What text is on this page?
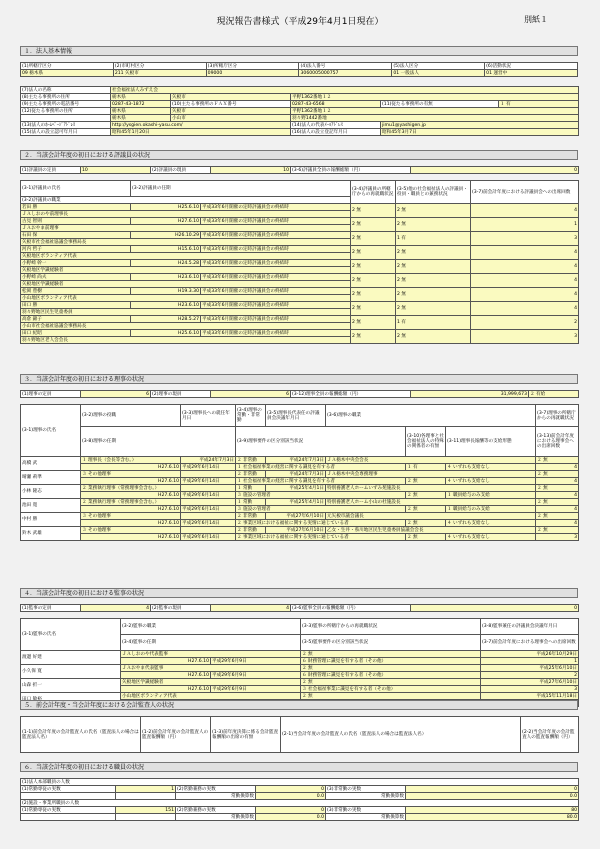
現況報告書様式（平成29年4月1日現在）	別紙１
１．法人基本情報
(1)所轄庁区分	(2)市町村区分	(3)所轄庁区分	(4)法人番号	(5)法人区分	(6)活動状況
09 栃木県	211 矢板市	09000	3060005000757	01 一般法人	01 運営中
(7)法人の名称	社会福祉法人みずえ会				
(8)主たる事務所の住所	栃木県	矢板市	平野1362番地１２		
(9)主たる事務所の電話番号	0287-43-1872	(10)主たる事務所のＦＡＸ番号	0287-43-6568	(11)従たる事務所の有無	１ 有
(12)従たる事務所の住所	栃木県	矢板市	平野1362番地１２		
	栃木県	小山市	羽々野1442番地		
(13)法人のﾎｰﾑﾍﾟｰｼﾞｱﾄﾞﾚｽ	http://ysgien.okashi-yasu.com/		(14)法人の代表ﾒｰﾙｱﾄﾞﾚｽ	jimu1@yashigen.jp	
(15)法人の設立認可年月日	昭和45年1月20日		(16)法人の設立登記年月日	昭和45年3月7日	
２．当該会計年度の初日における評議員の状況
(1)評議員の定員	10	(2)評議員の現員	10	(3-6)評議員全員の報酬総額（円）	0
(3-1)評議員の氏名	(3-2)評議員の任期		(3-4)評議員の所轄庁からの再就職状況	(3-5)他の社会福祉法人の評議員・役員・職員との兼務状況	(3-7)前会計年度における評議員会への出席回数
(3-2)評議員の職業					
若田 勝	H25.6.10	平成33年6月開催の定時評議員会の終結時	2 無	2 無	4
ＪＡしおのや前理事長					
古見 智則	H27.6.10	平成33年6月開催の定時評議員会の終結時	2 無	2 無	1
ＪＡおやま前理事					
石田 保	H26.10.29	平成33年6月開催の定時評議員会の終結時	2 無	1 有	3
矢板市社会福祉協議会事務局長					
河内 哲子	H15.6.10	平成33年6月開催の定時評議員会の終結時	2 無	2 無	4
矢板地区ボランティア代表					
小野崎 幹一	H24.5.28	平成33年6月開催の定時評議員会の終結時	2 無	2 無	4
矢板地区学識経験者					
小野崎 尚夫	H23.6.10	平成33年6月開催の定時評議員会の終結時	2 無	2 無	4
矢板地区学識経験者					
松岡 豊樹	H19.3.30	平成33年6月開催の定時評議員会の終結時	2 無	2 無	4
小山地区ボランティア代表					
田口 勝	H23.6.10	平成33年6月開催の定時評議員会の終結時	2 無	2 無	4
羽々野地区民生児童委員					
高倉 錦子	H28.5.27	平成33年6月開催の定時評議員会の終結時	2 無	1 有	2
小山市社会福祉協議会事務局長					
田口 紀昭	H25.6.10	平成33年6月開催の定時評議員会の終結時	2 無	2 無	3
羽々野地区老人会会長					
３．当該会計年度の初日における理事の状況
(1)理事の定員	6	(2)理事の現員	6	(3-12)理事全員の報酬総額（円）	31,999,673	２ 有給
(3-1)理事の氏名	(3-2)理事の役職	(3-3)理事長への就任年月日	(3-4)理事の常勤・非常勤	(3-5)理事長代表任の評議員会決議年月日	(3-6)理事の職業			(3-7)理事の所轄庁からの再就職状況
	(3-8)理事の任期		(3-9)理事要件の区分別該当状況			(3-10)各理事と社会福祉法人の特殊の関係者の有無	(3-11)理事長報酬等の支給形態	(3-13)前会計年度における理事会への出席回数
高橋 武	１ 理事長（会長等含む。）	平成24年7月3日	２ 非常勤	平成24年7月3日	ＪＡ栃木中央会会長			２ 無
	H27.6.10	平成29年6月14日	１ 社会福祉事業の経営に関する識見を有する者			１ 有	４ いずれも支給なし	4
晴瀬 莉準	３ その他理事		２ 非常勤	平成24年7月3日	ＪＡ栃木中央会専務理事			２ 無
	H27.6.10	平成29年6月14日	１ 社会福祉事業の経営に関する識見を有する者			２ 無	４ いずれも支給なし	4
小林 隆志	２ 業務執行理事（常務理事会含む。）		１ 常勤	平成25年4月1日	特別養護老人ホームいずみ苑施設長			２ 無
	H27.6.10	平成29年6月14日	３ 施設の管理者			２ 無	１ 職員給与のみ支給	4
池田 寛	２ 業務執行理事（常務理事会含む。）		１ 常勤	平成25年4月1日	特別養護老人ホーム小山の杜施設長			２ 無
	H27.6.10	平成29年6月14日	３ 施設の管理者			２ 無	１ 職員給与のみ支給	4
中村 勝	３ その他理事		２ 非常勤	平成27年6月10日	元矢板市議会議長			２ 無
	H27.6.10	平成29年6月14日	２ 事業区域における福祉に関する実情に通じている者			２ 無	４ いずれも支給なし	4
鈴木 武雄	３ その他理事		２ 非常勤	平成27年6月10日	乙女・生井・県川地区民生児童委員協議会会長			２ 無
	H27.6.10	平成29年6月14日	２ 事業区域における福祉に関する実情に通じている者			２ 無	４ いずれも支給なし	3
４．当該会計年度の初日における監事の状況
(1)監事の定員	4	(2)監事の現員	4	(3-6)監事全員の報酬総額（円）	0
(3-1)監事の氏名	(3-2)監事の職業		(3-3)監事の所轄庁からの再就職状況	(3-8)監事兼任の評議員会決議年月日
	(3-4)監事の任期		(3-5)監事要件の区分別該当状況	(3-7)前会計年度における理事会への出席回数
渡邊 好建	ＪＡしおのや代表監事		２ 無	平成26年10月29日
	H27.6.10	平成29年6月9日	６ 財務管理に識見を有する者（その他）	1
小久保 寛	ＪＡおやま代表監事		２ 無	平成25年6月10日
	H27.6.10	平成29年6月9日	６ 財務管理に識見を有する者（その他）	2
山森 折一	矢板地区学識経験者		２ 無	平成27年6月10日
	H27.6.10	平成29年6月9日	３ 社会福祉事業に識見を有する者（その他）	3
	小山地区ボランティア代表		２ 無	平成15年11月18日

５．前会計年度・当会計年度における会計監査人の状況
(1-1)前会計年度の会計監査人の氏名（監査法人の場合は監査法人名）	(1-2)前会計年度の会計監査人の監査報酬額（円）	(1-3)前年度決算に係る会計監査報酬額の出席の有無	(2-1)当会計年度の会計監査人の氏名（監査法人の場合は監査法人名）	(2-2)当会計年度の会計監査人の監査報酬額（円）
６．当該会計年度の初日における職員の状況
(1)法人本部職員の人数					
(1)常勤専従の実数	1	(2)常勤兼務の実数	0	(3)非常勤の実数	0
		常勤換算数	0.0	常勤換算数	0.0
(2)施設・事業所職員の人数					
(1)常勤専従の実数	151	(2)常勤兼務の実数	0	(3)非常勤の実数	80
		常勤換算数	0.0	常勤換算数	80.0
